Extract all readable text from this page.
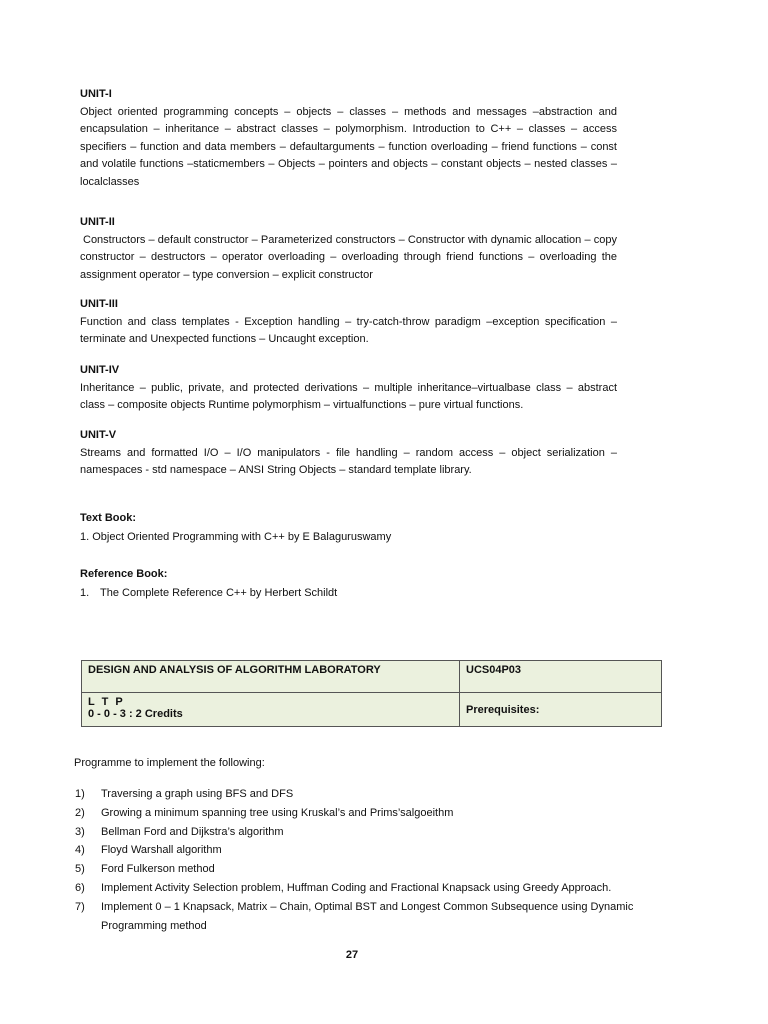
UNIT-I
Object oriented programming concepts – objects – classes – methods and messages –abstraction and encapsulation – inheritance – abstract classes – polymorphism. Introduction to C++ – classes – access specifiers – function and data members – defaultarguments – function overloading – friend functions – const and volatile functions –staticmembers – Objects – pointers and objects – constant objects – nested classes – localclasses
UNIT-II
Constructors – default constructor – Parameterized constructors – Constructor with dynamic allocation – copy constructor – destructors – operator overloading – overloading through friend functions – overloading the assignment operator – type conversion – explicit constructor
UNIT-III
Function and class templates - Exception handling – try-catch-throw paradigm –exception specification – terminate and Unexpected functions – Uncaught exception.
UNIT-IV
Inheritance – public, private, and protected derivations – multiple inheritance–virtualbase class – abstract class – composite objects Runtime polymorphism – virtualfunctions – pure virtual functions.
UNIT-V
Streams and formatted I/O – I/O manipulators - file handling – random access – object serialization – namespaces - std namespace – ANSI String Objects – standard template library.
Text Book:
1. Object Oriented Programming with C++ by E Balaguruswamy
Reference Book:
1. The Complete Reference C++ by Herbert Schildt
DESIGN AND ANALYSIS OF ALGORITHM LABORATORY	UCS04P03

L T P
0 - 0 - 3 : 2 Credits	Prerequisites:
Programme to implement the following:
1)	Traversing a graph using BFS and DFS
2)	Growing a minimum spanning tree using Kruskal’s and Prims’salgoeithm
3)	Bellman Ford and Dijkstra’s algorithm
4)	Floyd Warshall algorithm
5)	Ford Fulkerson method
6)	Implement Activity Selection problem, Huffman Coding and Fractional Knapsack using Greedy Approach.
7)	Implement 0 – 1 Knapsack, Matrix – Chain, Optimal BST and Longest Common Subsequence using Dynamic Programming method
27
